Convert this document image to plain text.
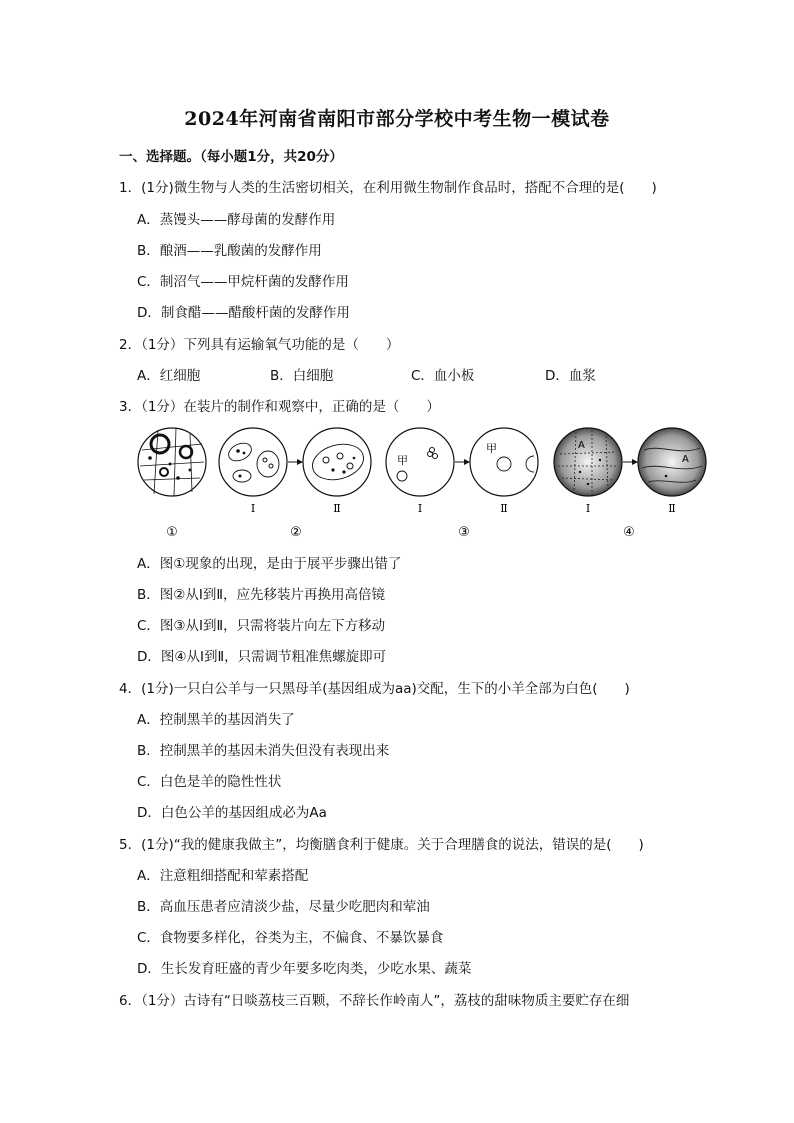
2024年河南省南阳市部分学校中考生物一模试卷
一、选择题。（每小题1分，共20分）
1．(1分)微生物与人类的生活密切相关，在利用微生物制作食品时，搭配不合理的是(　　)
A．蒸馒头——酵母菌的发酵作用
B．酿酒——乳酸菌的发酵作用
C．制沼气——甲烷杆菌的发酵作用
D．制食醋——醋酸杆菌的发酵作用
2．（1分）下列具有运输氧气功能的是（　　）
A．红细胞	B．白细胞	C．血小板	D．血浆
3．（1分）在装片的制作和观察中，正确的是（　　）
甲
甲	A
A
Ⅰ	Ⅱ	Ⅰ	Ⅱ	Ⅰ	Ⅱ
①	②	③	④
A．图①现象的出现，是由于展平步骤出错了
B．图②从Ⅰ到Ⅱ，应先移装片再换用高倍镜
C．图③从Ⅰ到Ⅱ，只需将装片向左下方移动
D．图④从Ⅰ到Ⅱ，只需调节粗准焦螺旋即可
4．(1分)一只白公羊与一只黑母羊(基因组成为aa)交配，生下的小羊全部为白色(　　)
A．控制黑羊的基因消失了
B．控制黑羊的基因未消失但没有表现出来
C．白色是羊的隐性性状
D．白色公羊的基因组成必为Aa
5．(1分)“我的健康我做主”，均衡膳食利于健康。关于合理膳食的说法，错误的是(　　)
A．注意粗细搭配和荤素搭配
B．高血压患者应清淡少盐，尽量少吃肥肉和荤油
C．食物要多样化，谷类为主，不偏食、不暴饮暴食
D．生长发育旺盛的青少年要多吃肉类，少吃水果、蔬菜
6．（1分）古诗有“日啖荔枝三百颗，不辞长作岭南人”，荔枝的甜味物质主要贮存在细
